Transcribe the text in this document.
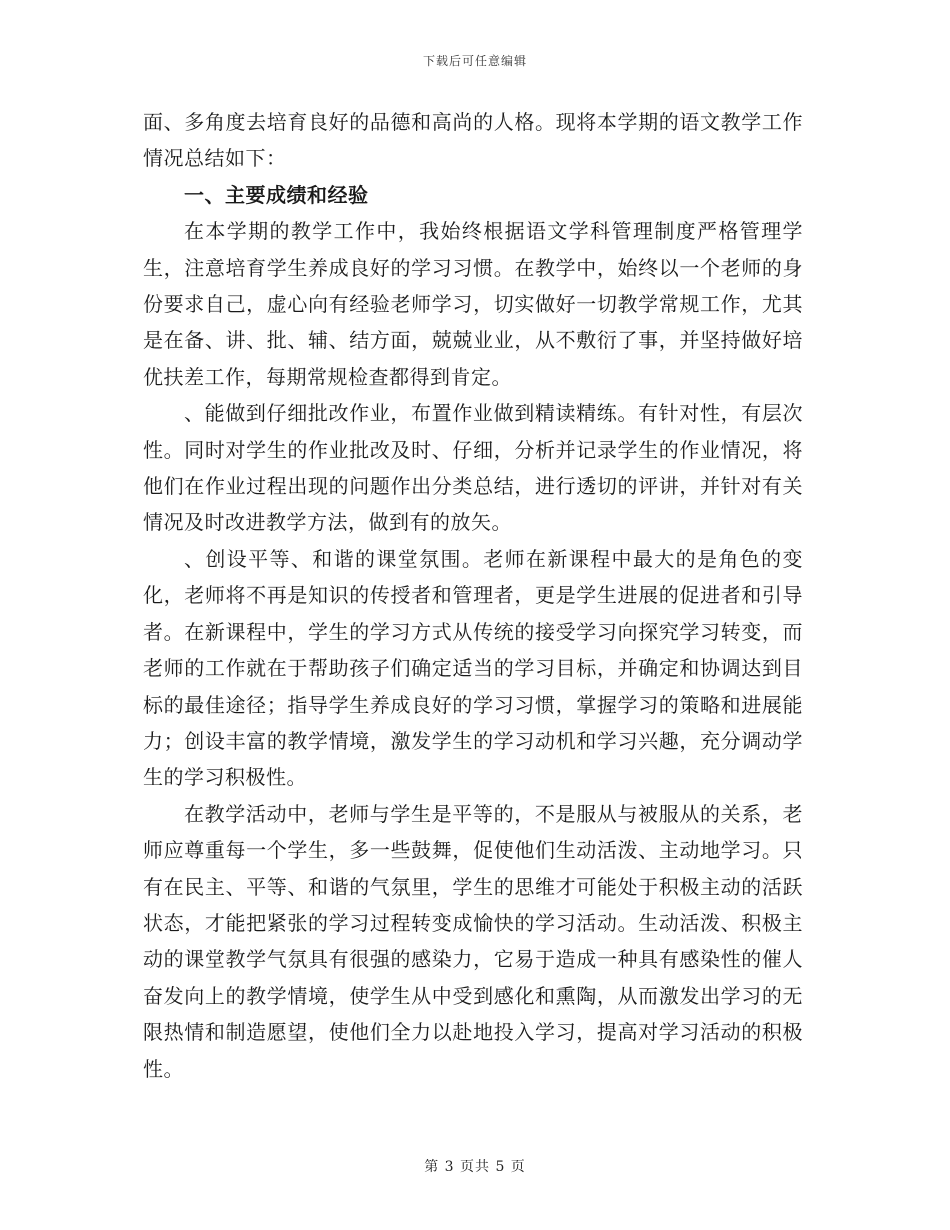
下载后可任意编辑

面、多角度去培育良好的品德和高尚的人格。现将本学期的语文教学工作情况总结如下：

一、主要成绩和经验

在本学期的教学工作中，我始终根据语文学科管理制度严格管理学生，注意培育学生养成良好的学习习惯。在教学中，始终以一个老师的身份要求自己，虚心向有经验老师学习，切实做好一切教学常规工作，尤其是在备、讲、批、辅、结方面，兢兢业业，从不敷衍了事，并坚持做好培优扶差工作，每期常规检查都得到肯定。

、能做到仔细批改作业，布置作业做到精读精练。有针对性，有层次性。同时对学生的作业批改及时、仔细，分析并记录学生的作业情况，将他们在作业过程出现的问题作出分类总结，进行透切的评讲，并针对有关情况及时改进教学方法，做到有的放矢。

、创设平等、和谐的课堂氛围。老师在新课程中最大的是角色的变化，老师将不再是知识的传授者和管理者，更是学生进展的促进者和引导者。在新课程中，学生的学习方式从传统的接受学习向探究学习转变，而老师的工作就在于帮助孩子们确定适当的学习目标，并确定和协调达到目标的最佳途径；指导学生养成良好的学习习惯，掌握学习的策略和进展能力；创设丰富的教学情境，激发学生的学习动机和学习兴趣，充分调动学生的学习积极性。

在教学活动中，老师与学生是平等的，不是服从与被服从的关系，老师应尊重每一个学生，多一些鼓舞，促使他们生动活泼、主动地学习。只有在民主、平等、和谐的气氛里，学生的思维才可能处于积极主动的活跃状态，才能把紧张的学习过程转变成愉快的学习活动。生动活泼、积极主动的课堂教学气氛具有很强的感染力，它易于造成一种具有感染性的催人奋发向上的教学情境，使学生从中受到感化和熏陶，从而激发出学习的无限热情和制造愿望，使他们全力以赴地投入学习，提高对学习活动的积极性。

第 3 页共 5 页
